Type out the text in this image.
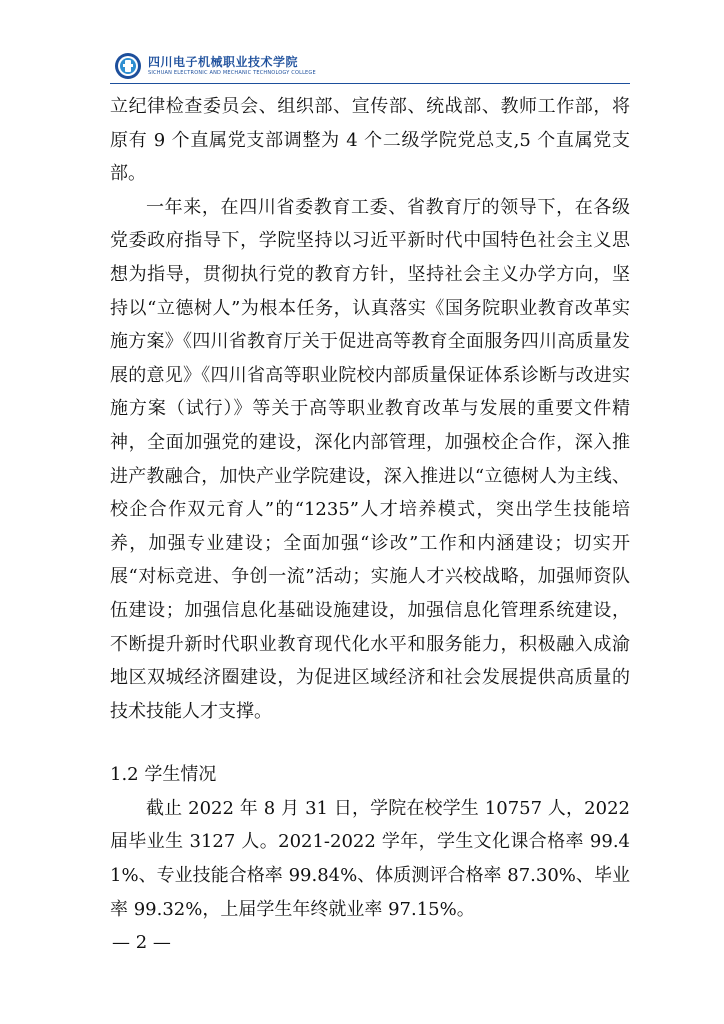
四川电子机械职业技术学院
SICHUAN ELECTRONIC AND MECHANIC TECHNOLOGY COLLEGE

立纪律检查委员会、组织部、宣传部、统战部、教师工作部，将原有 9 个直属党支部调整为 4 个二级学院党总支,5 个直属党支部。

一年来，在四川省委教育工委、省教育厅的领导下，在各级党委政府指导下，学院坚持以习近平新时代中国特色社会主义思想为指导，贯彻执行党的教育方针，坚持社会主义办学方向，坚持以“立德树人”为根本任务，认真落实《国务院职业教育改革实施方案》《四川省教育厅关于促进高等教育全面服务四川高质量发展的意见》《四川省高等职业院校内部质量保证体系诊断与改进实施方案（试行）》等关于高等职业教育改革与发展的重要文件精神，全面加强党的建设，深化内部管理，加强校企合作，深入推进产教融合，加快产业学院建设，深入推进以“立德树人为主线、校企合作双元育人”的“1235”人才培养模式，突出学生技能培养，加强专业建设；全面加强“诊改”工作和内涵建设；切实开展“对标竞进、争创一流”活动；实施人才兴校战略，加强师资队伍建设；加强信息化基础设施建设，加强信息化管理系统建设，不断提升新时代职业教育现代化水平和服务能力，积极融入成渝地区双城经济圈建设，为促进区域经济和社会发展提供高质量的技术技能人才支撑。

1.2 学生情况

截止 2022 年 8 月 31 日，学院在校学生 10757 人，2022 届毕业生 3127 人。2021-2022 学年，学生文化课合格率 99.41%、专业技能合格率 99.84%、体质测评合格率 87.30%、毕业率 99.32%，上届学生年终就业率 97.15%。

— 2 —
